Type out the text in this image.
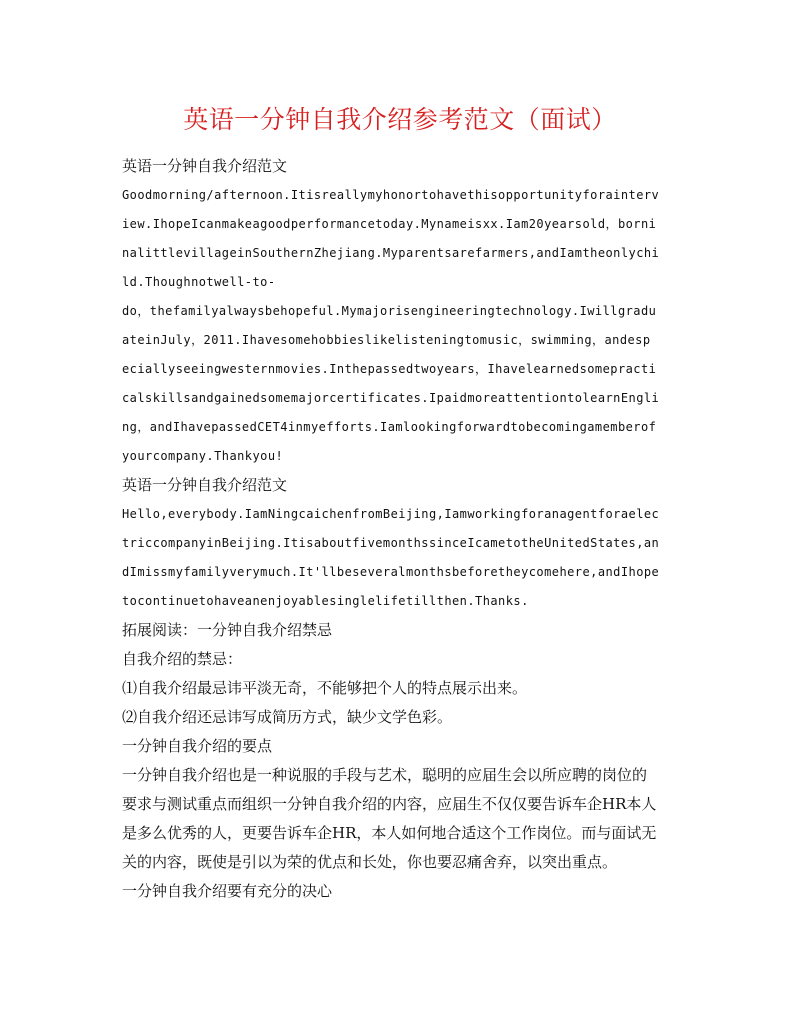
英语一分钟自我介绍参考范文（面试）

英语一分钟自我介绍范文

Goodmorning/afternoon.Itisreallymyhonortohavethisopportunityforainterv

iew.IhopeIcanmakeagoodperformancetoday.Mynameisxx.Iam20yearsold，borni

nalittlevillageinSouthernZhejiang.Myparentsarefarmers,andIamtheonlychi

ld.Thoughnotwell-to-

do，thefamilyalwaysbehopeful.Mymajorisengineeringtechnology.Iwillgradu

ateinJuly，2011.Ihavesomehobbieslikelisteningtomusic，swimming，andesp

eciallyseeingwesternmovies.Inthepassedtwoyears，Ihavelearnedsomepracti

calskillsandgainedsomemajorcertificates.IpaidmoreattentiontolearnEngli

ng，andIhavepassedCET4inmyefforts.Iamlookingforwardtobecomingamemberof

yourcompany.Thankyou!

英语一分钟自我介绍范文

Hello,everybody.IamNingcaichenfromBeijing,Iamworkingforanagentforaelec

triccompanyinBeijing.ItisaboutfivemonthssinceIcametotheUnitedStates,an

dImissmyfamilyverymuch.It'llbeseveralmonthsbeforetheycomehere,andIhope

tocontinuetohaveanenjoyablesinglelifetillthen.Thanks.

拓展阅读：一分钟自我介绍禁忌

自我介绍的禁忌：

⑴自我介绍最忌讳平淡无奇，不能够把个人的特点展示出来。

⑵自我介绍还忌讳写成简历方式，缺少文学色彩。

一分钟自我介绍的要点

一分钟自我介绍也是一种说服的手段与艺术，聪明的应届生会以所应聘的岗位的

要求与测试重点而组织一分钟自我介绍的内容，应届生不仅仅要告诉车企HR本人

是多么优秀的人，更要告诉车企HR，本人如何地合适这个工作岗位。而与面试无

关的内容，既使是引以为荣的优点和长处，你也要忍痛舍弃，以突出重点。

一分钟自我介绍要有充分的决心
